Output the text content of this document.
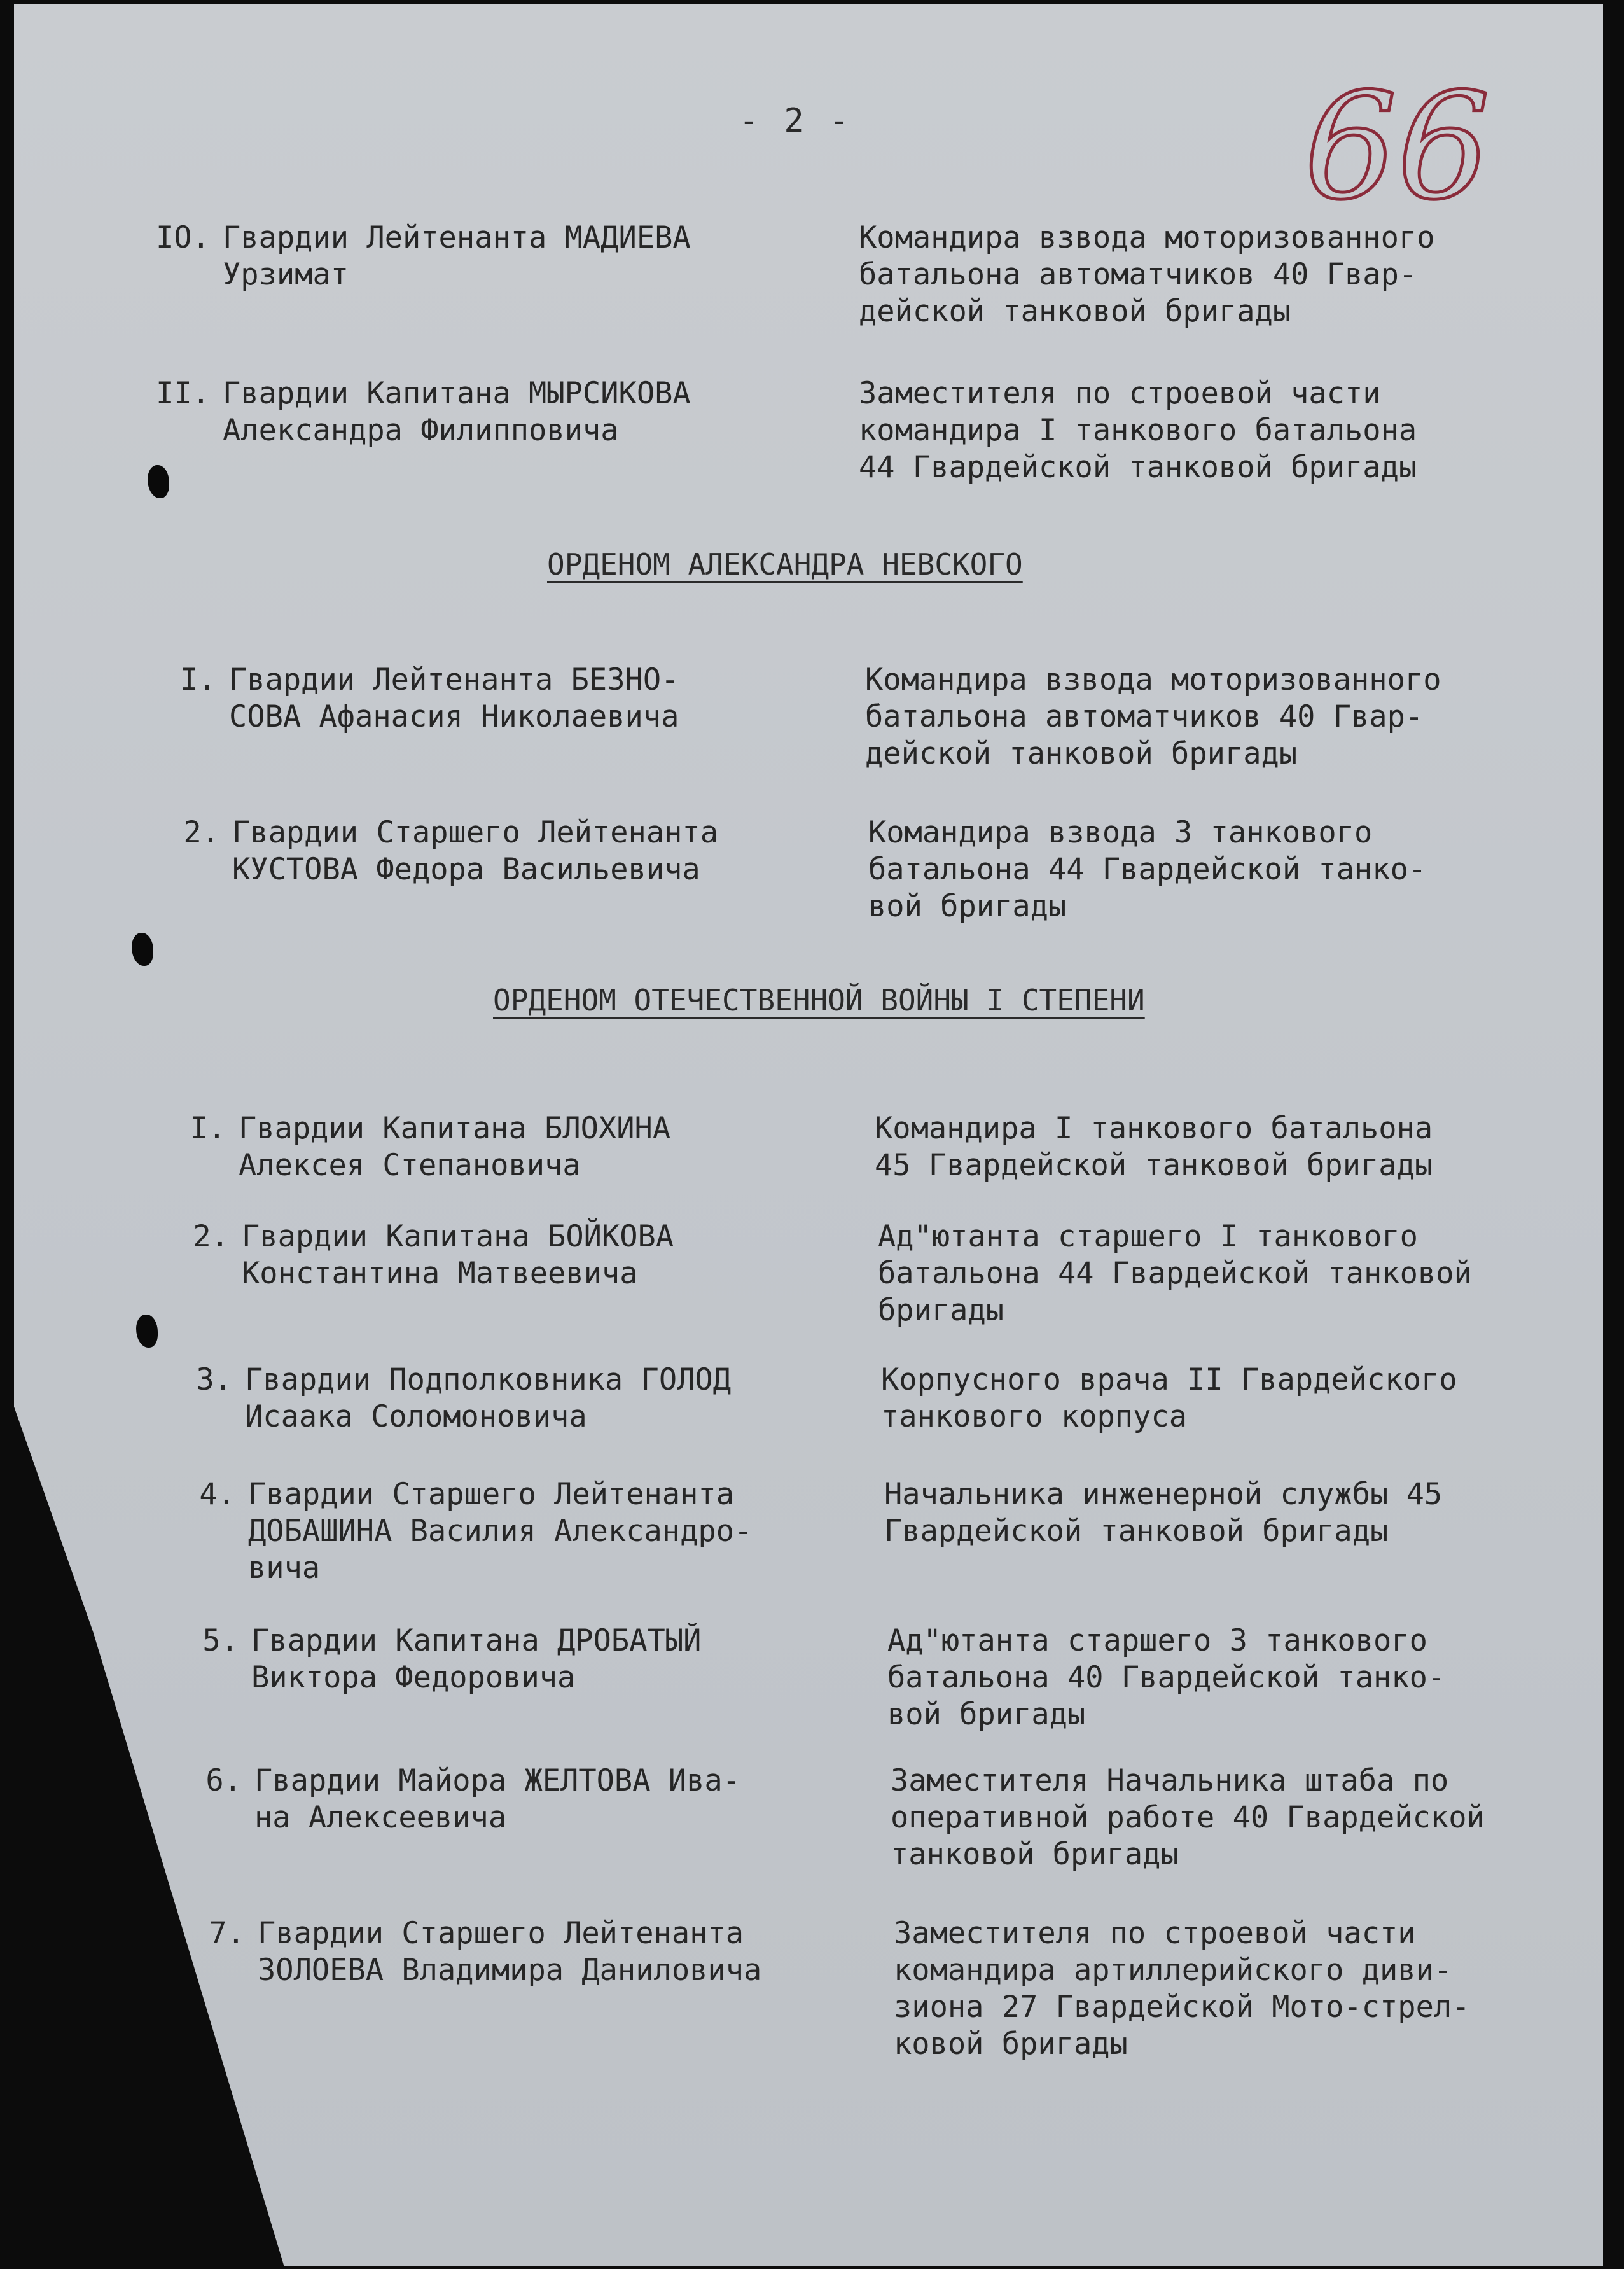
- 2 -	66
IO. Гвардии Лейтенанта МАДИЕВА
Урзимат
Командира взвода моторизованного
батальона автоматчиков 40 Гвар-
дейской танковой бригады
II. Гвардии Капитана МЫРСИКОВА
Александра Филипповича
Заместителя по строевой части
командира I танкового батальона
44 Гвардейской танковой бригады
ОРДЕНОМ АЛЕКСАНДРА НЕВСКОГО
I. Гвардии Лейтенанта БЕЗНО-
СОВА Афанасия Николаевича
Командира взвода моторизованного
батальона автоматчиков 40 Гвар-
дейской танковой бригады
2. Гвардии Старшего Лейтенанта
КУСТОВА Федора Васильевича
Командира взвода 3 танкового
батальона 44 Гвардейской танко-
вой бригады
ОРДЕНОМ ОТЕЧЕСТВЕННОЙ ВОЙНЫ I СТЕПЕНИ
I. Гвардии Капитана БЛОХИНА
Алексея Степановича
Командира I танкового батальона
45 Гвардейской танковой бригады
2. Гвардии Капитана БОЙКОВА
Константина Матвеевича
Ад"ютанта старшего I танкового
батальона 44 Гвардейской танковой
бригады
3. Гвардии Подполковника ГОЛОД
Исаака Соломоновича
Корпусного врача II Гвардейского
танкового корпуса
4. Гвардии Старшего Лейтенанта
ДОБАШИНА Василия Александро-
вича
Начальника инженерной службы 45
Гвардейской танковой бригады
5. Гвардии Капитана ДРОБАТЫЙ
Виктора Федоровича
Ад"ютанта старшего 3 танкового
батальона 40 Гвардейской танко-
вой бригады
6. Гвардии Майора ЖЕЛТОВА Ива-
на Алексеевича
Заместителя Начальника штаба по
оперативной работе 40 Гвардейской
танковой бригады
7. Гвардии Старшего Лейтенанта
ЗОЛОЕВА Владимира Даниловича
Заместителя по строевой части
командира артиллерийского диви-
зиона 27 Гвардейской Мото-стрел-
ковой бригады
